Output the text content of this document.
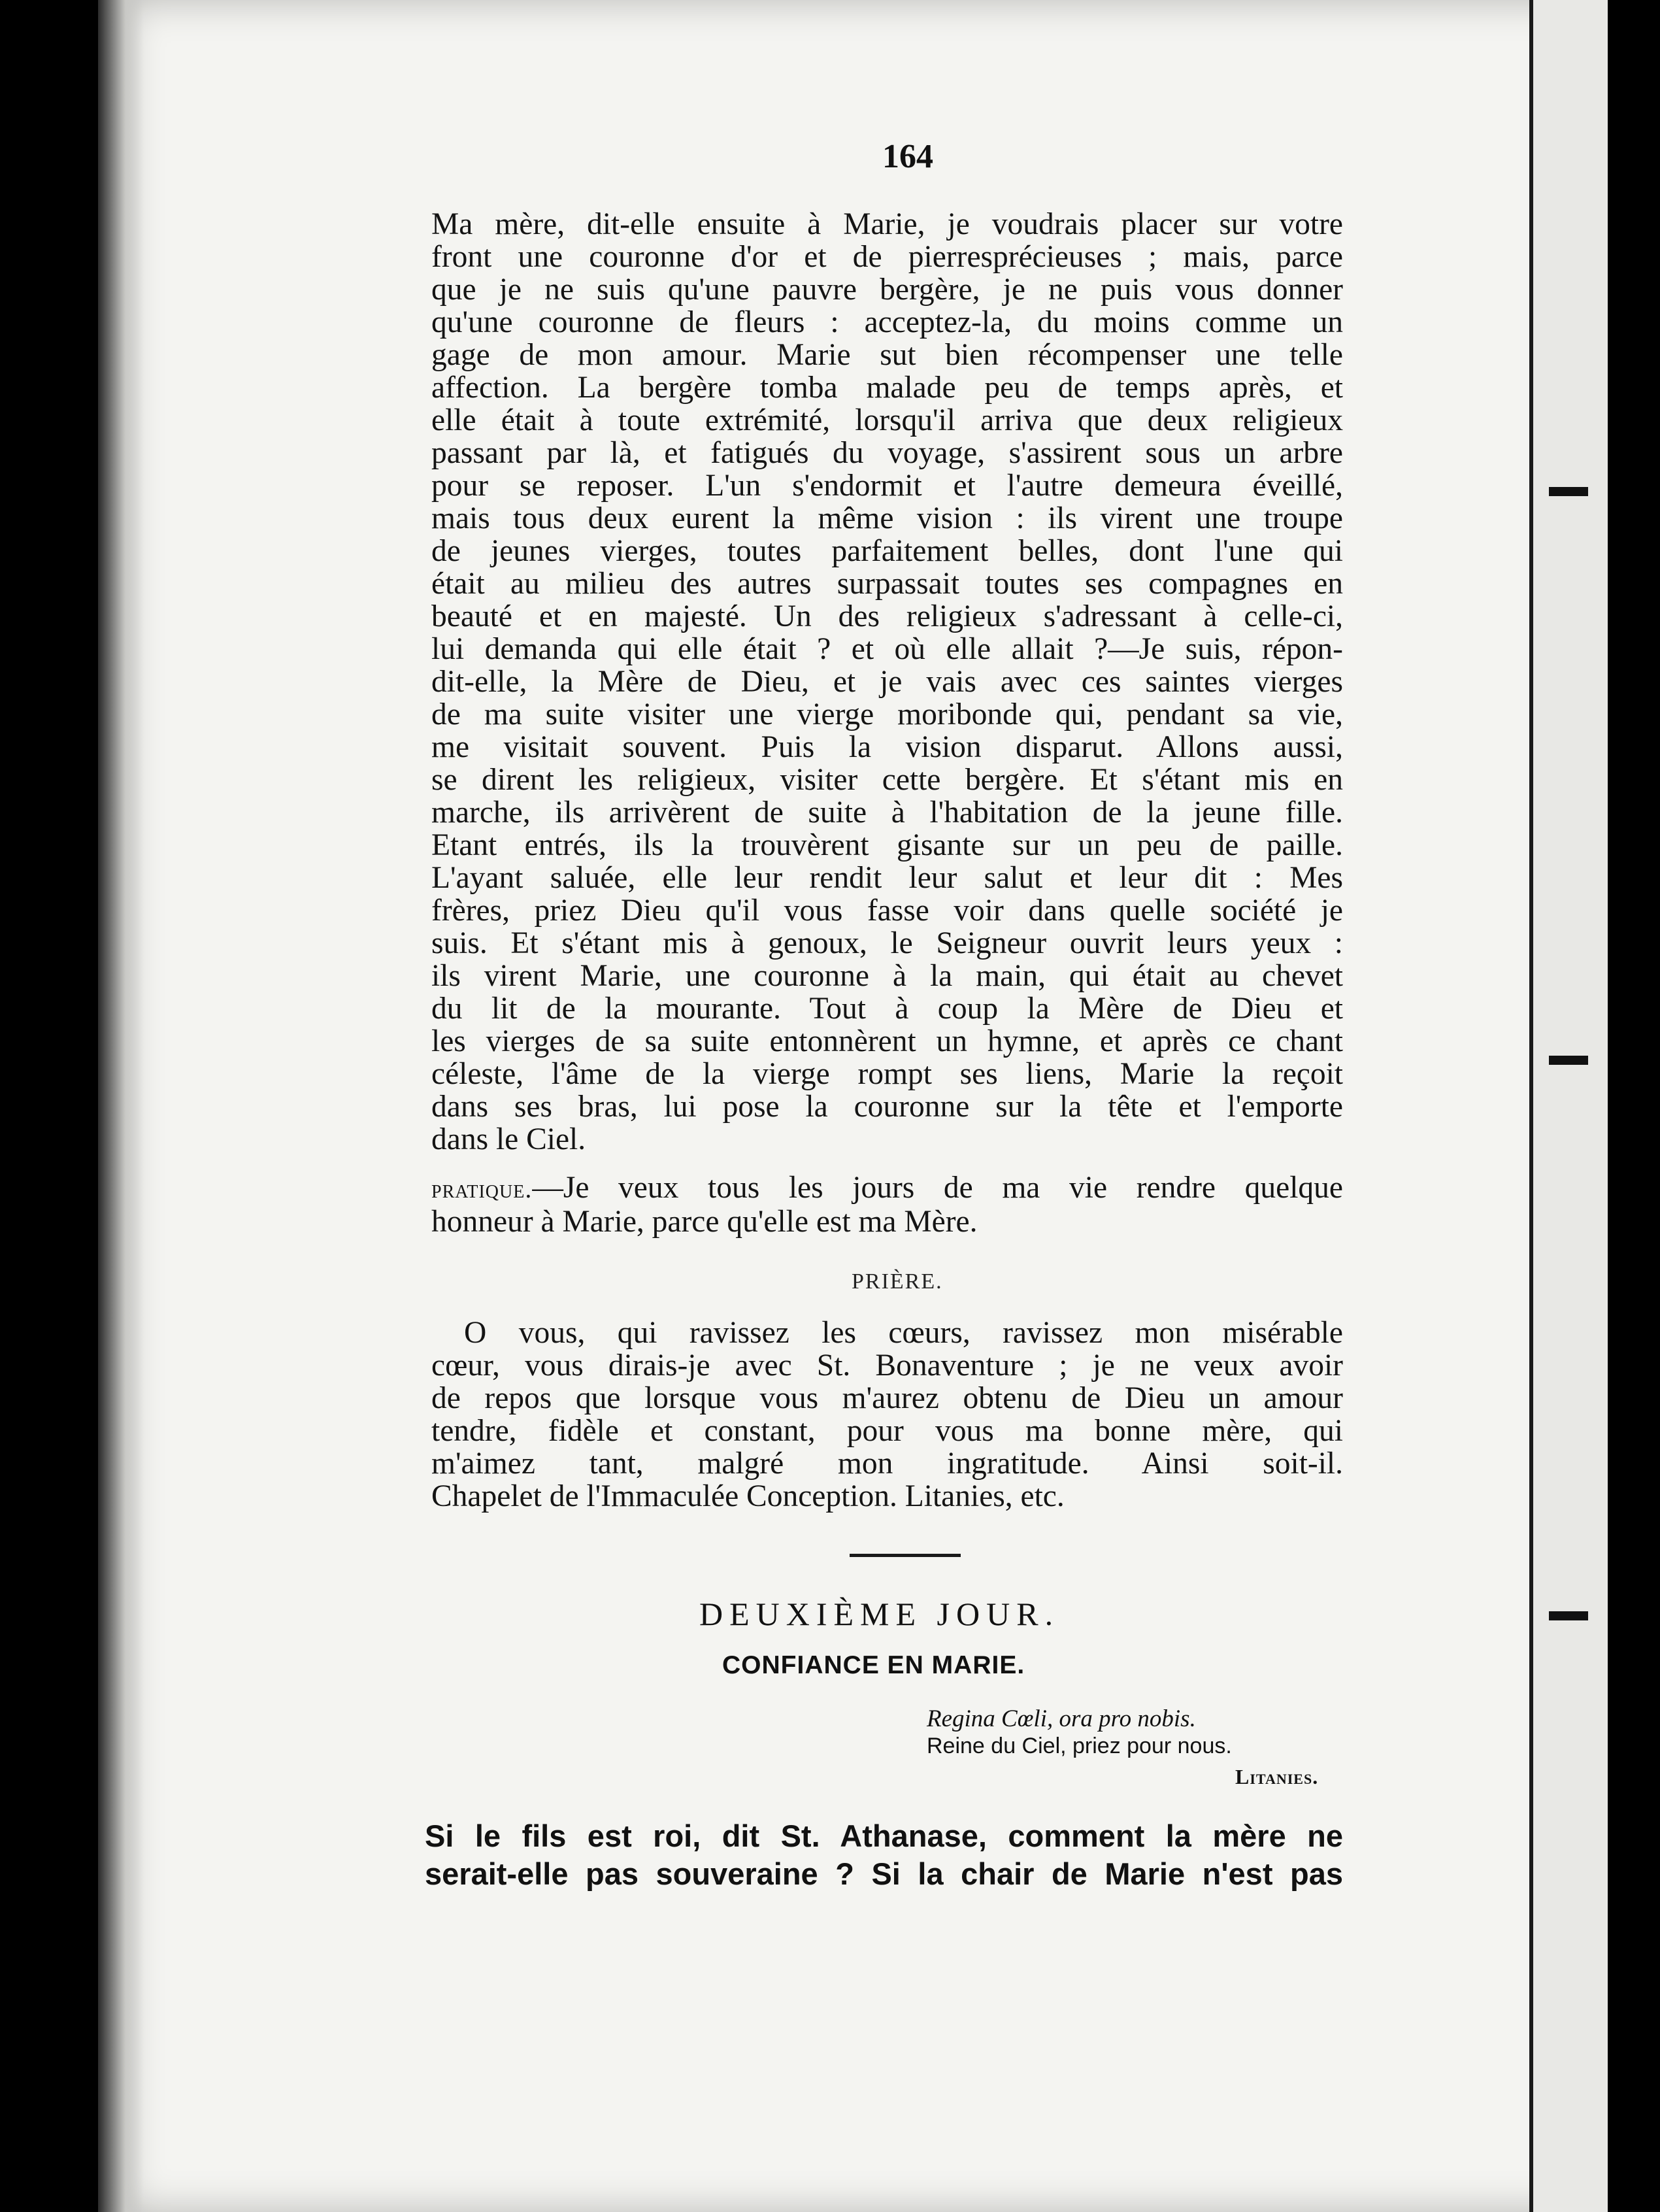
164
Ma mère, dit-elle ensuite à Marie, je voudrais placer sur votre
front une couronne d'or et de pierresprécieuses ; mais, parce
que je ne suis qu'une pauvre bergère, je ne puis vous donner
qu'une couronne de fleurs : acceptez-la, du moins comme un
gage de mon amour. Marie sut bien récompenser une telle
affection. La bergère tomba malade peu de temps après, et
elle était à toute extrémité, lorsqu'il arriva que deux religieux
passant par là, et fatigués du voyage, s'assirent sous un arbre
pour se reposer. L'un s'endormit et l'autre demeura éveillé,
mais tous deux eurent la même vision : ils virent une troupe
de jeunes vierges, toutes parfaitement belles, dont l'une qui
était au milieu des autres surpassait toutes ses compagnes en
beauté et en majesté. Un des religieux s'adressant à celle-ci,
lui demanda qui elle était ? et où elle allait ?—Je suis, répon-
dit-elle, la Mère de Dieu, et je vais avec ces saintes vierges
de ma suite visiter une vierge moribonde qui, pendant sa vie,
me visitait souvent. Puis la vision disparut. Allons aussi,
se dirent les religieux, visiter cette bergère. Et s'étant mis en
marche, ils arrivèrent de suite à l'habitation de la jeune fille.
Etant entrés, ils la trouvèrent gisante sur un peu de paille.
L'ayant saluée, elle leur rendit leur salut et leur dit : Mes
frères, priez Dieu qu'il vous fasse voir dans quelle société je
suis. Et s'étant mis à genoux, le Seigneur ouvrit leurs yeux :
ils virent Marie, une couronne à la main, qui était au chevet
du lit de la mourante. Tout à coup la Mère de Dieu et
les vierges de sa suite entonnèrent un hymne, et après ce chant
céleste, l'âme de la vierge rompt ses liens, Marie la reçoit
dans ses bras, lui pose la couronne sur la tête et l'emporte
dans le Ciel.
pratique.—Je veux tous les jours de ma vie rendre quelque
honneur à Marie, parce qu'elle est ma Mère.
PRIÈRE.
O vous, qui ravissez les cœurs, ravissez mon misérable
cœur, vous dirais-je avec St. Bonaventure ; je ne veux avoir
de repos que lorsque vous m'aurez obtenu de Dieu un amour
tendre, fidèle et constant, pour vous ma bonne mère, qui
m'aimez tant, malgré mon ingratitude. Ainsi soit-il.
Chapelet de l'Immaculée Conception. Litanies, etc.
DEUXIÈME JOUR.
CONFIANCE EN MARIE.
Regina Cœli, ora pro nobis.
Reine du Ciel, priez pour nous.
Litanies.
Si le fils est roi, dit St. Athanase, comment la mère ne
serait-elle pas souveraine ? Si la chair de Marie n'est pas
